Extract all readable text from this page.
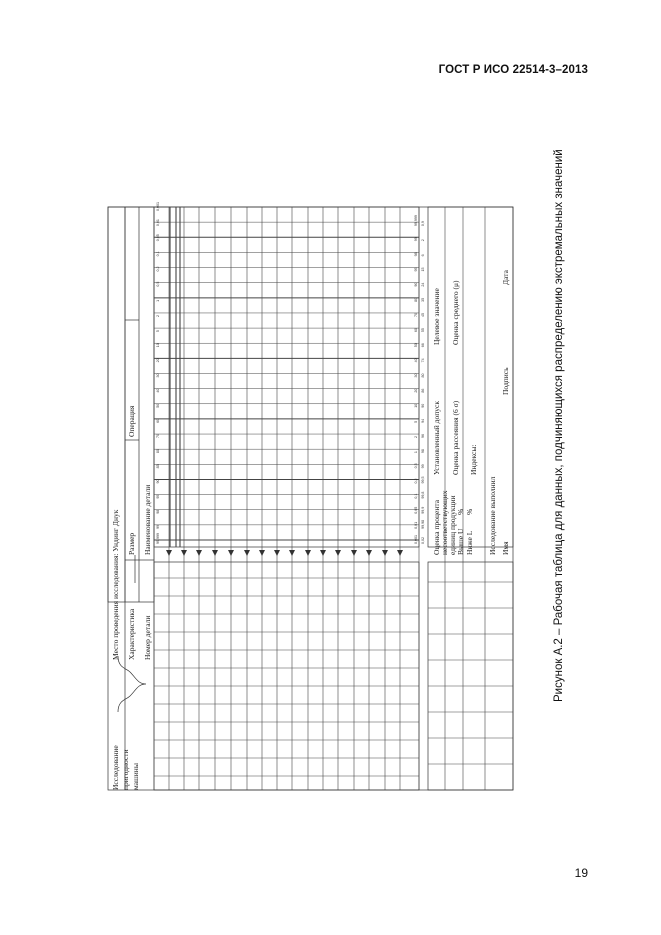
ГОСТ Р ИСО 22514-3–2013
99,999
99
98
95
90
85
80
70
60
50
40
30
20
10
5
2
1
0,5
0,2
0,1
0,05
0,01
0,001
0,001
0,01
0,05
0,1
0,2
0,5
1
2
5
10
20
30
40
50
60
70
80
90
95
98
99
99,999
0,02
99,98
99,9
99,8
99,5
99
98
96
94
90
86
80
74
66
55
45
35
24
15
6
2
0,9
Место проведения исследования: Ундинг Днук Характеристика Номер детали
Размер Наименование детали
Операция
Исследование пригодности машины
Оценка процента несоответствующих единиц продукции Выше U
%
Ниже L
%
Установленный допуск Оценка рассеяния (6 σ) Индексы:
Целевое значение Оценка среднего (μ)
Исследование выполнил Имя
Подпись
Дата	Рисунок А.2 – Рабочая таблица для данных, подчиняющихся распределению экстремальных значений
19
